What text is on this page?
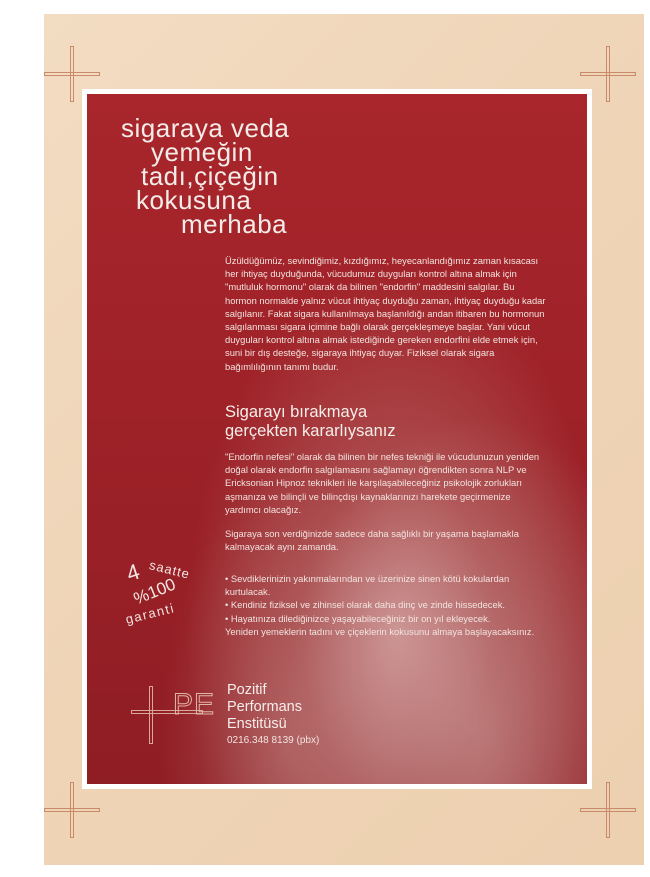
sigaraya veda
yemeğin
tadı,çiçeğin
kokusuna
merhaba
Üzüldüğümüz, sevindiğimiz, kızdığımız, heyecanlandığımız zaman kısacası her ihtiyaç duyduğunda, vücudumuz duyguları kontrol altına almak için "mutluluk hormonu" olarak da bilinen "endorfin" maddesini salgılar. Bu hormon normalde yalnız vücut ihtiyaç duyduğu zaman, ihtiyaç duyduğu kadar salgılanır. Fakat sigara kullanılmaya başlanıldığı andan itibaren bu hormonun salgılanması sigara içimine bağlı olarak gerçekleşmeye başlar. Yani vücut duyguları kontrol altına almak istediğinde gereken endorfini elde etmek için, suni bir dış desteğe, sigaraya ihtiyaç duyar. Fiziksel olarak sigara bağımlılığının tanımı budur.
Sigarayı bırakmaya
gerçekten kararlıysanız
"Endorfin nefesi" olarak da bilinen bir nefes tekniği ile vücudunuzun yeniden doğal olarak endorfin salgılamasını sağlamayı öğrendikten sonra NLP ve Ericksonian Hipnoz teknikleri ile karşılaşabileceğiniz psikolojik zorlukları aşmanıza ve bilinçli ve bilinçdışı kaynaklarınızı harekete geçirmenize yardımcı olacağız.
Sigaraya son verdiğinizde sadece daha sağlıklı bir yaşama başlamakla kalmayacak aynı zamanda.
• Sevdiklerinizin yakınmalarından ve üzerinize sinen kötü kokulardan kurtulacak.
• Kendiniz fiziksel ve zihinsel olarak daha dinç ve zinde hissedecek.
• Hayatınıza dilediğinizce yaşayabileceğiniz bir on yıl ekleyecek.
Yeniden yemeklerin tadını ve çiçeklerin kokusunu almaya başlayacaksınız.
4 saatte
%100
garanti
PE Pozitif
Performans
Enstitüsü
0216.348 8139 (pbx)
